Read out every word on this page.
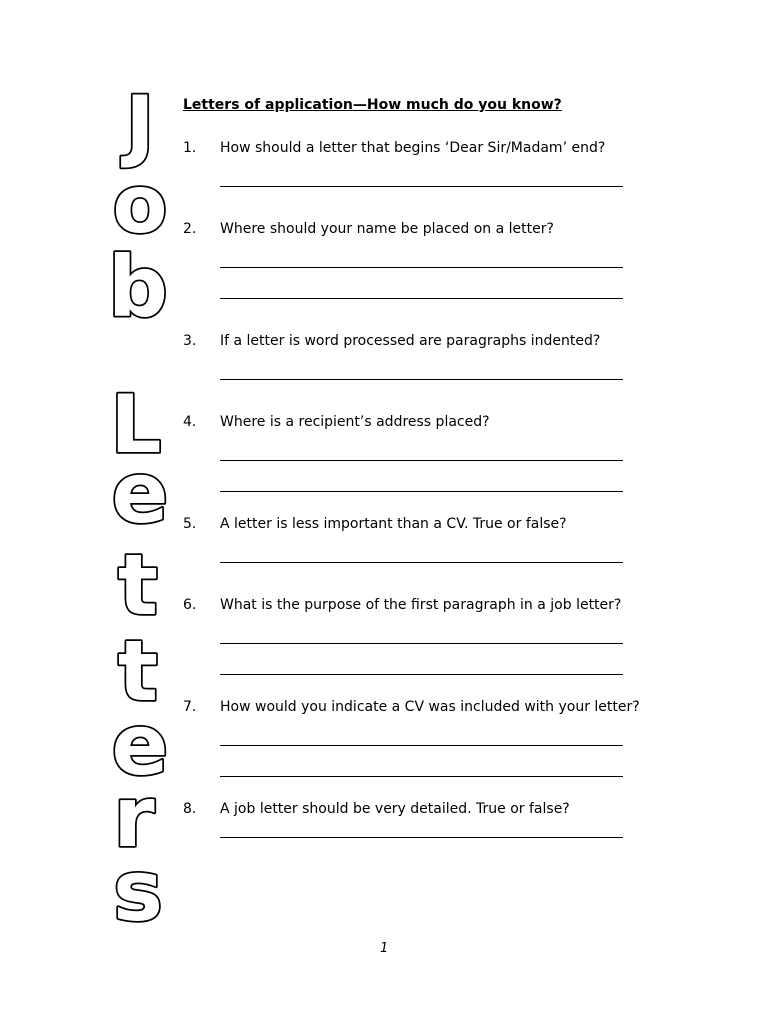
J
o
b
L
e
t
t
e
r
s
Letters of application—How much do you know?
1. How should a letter that begins ‘Dear Sir/Madam’ end?
2. Where should your name be placed on a letter?
3. If a letter is word processed are paragraphs indented?
4. Where is a recipient’s address placed?
5. A letter is less important than a CV. True or false?
6. What is the purpose of the first paragraph in a job letter?
7. How would you indicate a CV was included with your letter?
8. A job letter should be very detailed. True or false?
1
